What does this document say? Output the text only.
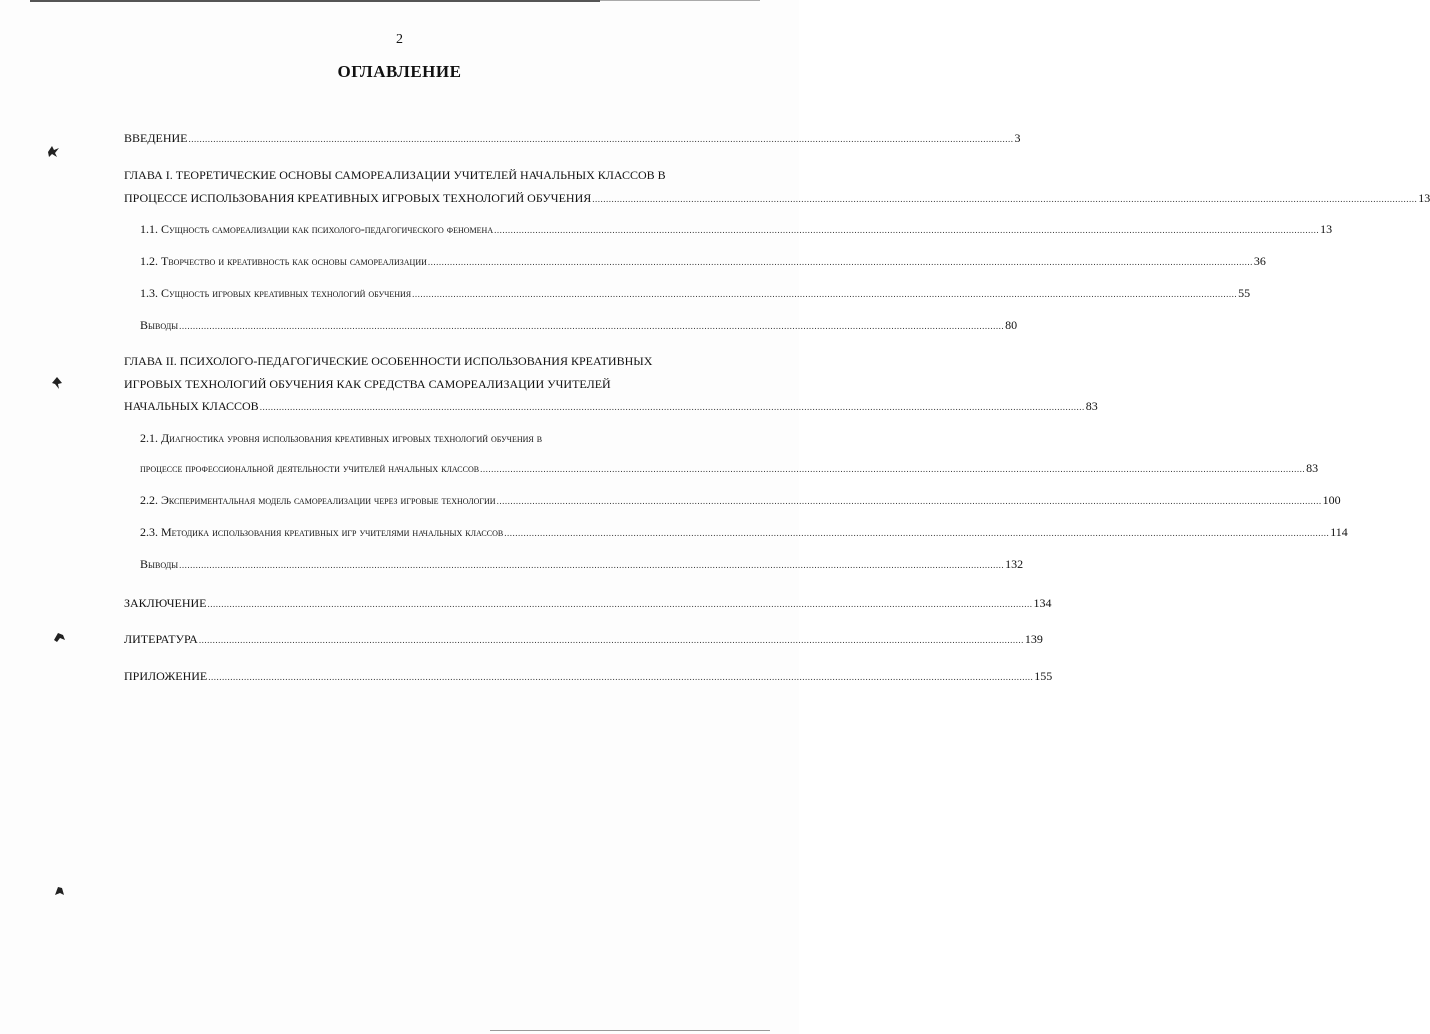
2
ОГЛАВЛЕНИЕ
ВВЕДЕНИЕ ............................................................................................................................................................................................................................................................................................................ 3
ГЛАВА I. ТЕОРЕТИЧЕСКИЕ ОСНОВЫ САМОРЕАЛИЗАЦИИ УЧИТЕЛЕЙ НАЧАЛЬНЫХ КЛАССОВ В
ПРОЦЕССЕ ИСПОЛЬЗОВАНИЯ КРЕАТИВНЫХ ИГРОВЫХ ТЕХНОЛОГИЙ ОБУЧЕНИЯ ............................................................................................................................................................................................................................................................................................................ 13
1.1. Сущность самореализации как психолого-педагогического феномена ............................................................................................................................................................................................................................................................................................................ 13
1.2. Творчество и креативность как основы самореализации ............................................................................................................................................................................................................................................................................................................ 36
1.3. Сущность игровых креативных технологий обучения ............................................................................................................................................................................................................................................................................................................ 55
Выводы ............................................................................................................................................................................................................................................................................................................ 80
ГЛАВА II. ПСИХОЛОГО-ПЕДАГОГИЧЕСКИЕ ОСОБЕННОСТИ ИСПОЛЬЗОВАНИЯ КРЕАТИВНЫХ
ИГРОВЫХ ТЕХНОЛОГИЙ ОБУЧЕНИЯ КАК СРЕДСТВА САМОРЕАЛИЗАЦИИ УЧИТЕЛЕЙ
НАЧАЛЬНЫХ КЛАССОВ ............................................................................................................................................................................................................................................................................................................ 83
2.1. Диагностика уровня использования креативных игровых технологий обучения в
процессе профессиональной деятельности учителей начальных классов ............................................................................................................................................................................................................................................................................................................ 83
2.2. Экспериментальная модель самореализации через игровые технологии ............................................................................................................................................................................................................................................................................................................ 100
2.3. Методика использования креативных игр учителями начальных классов ............................................................................................................................................................................................................................................................................................................ 114
Выводы ............................................................................................................................................................................................................................................................................................................ 132
ЗАКЛЮЧЕНИЕ ............................................................................................................................................................................................................................................................................................................ 134
ЛИТЕРАТУРА ............................................................................................................................................................................................................................................................................................................ 139
ПРИЛОЖЕНИЕ ............................................................................................................................................................................................................................................................................................................ 155
